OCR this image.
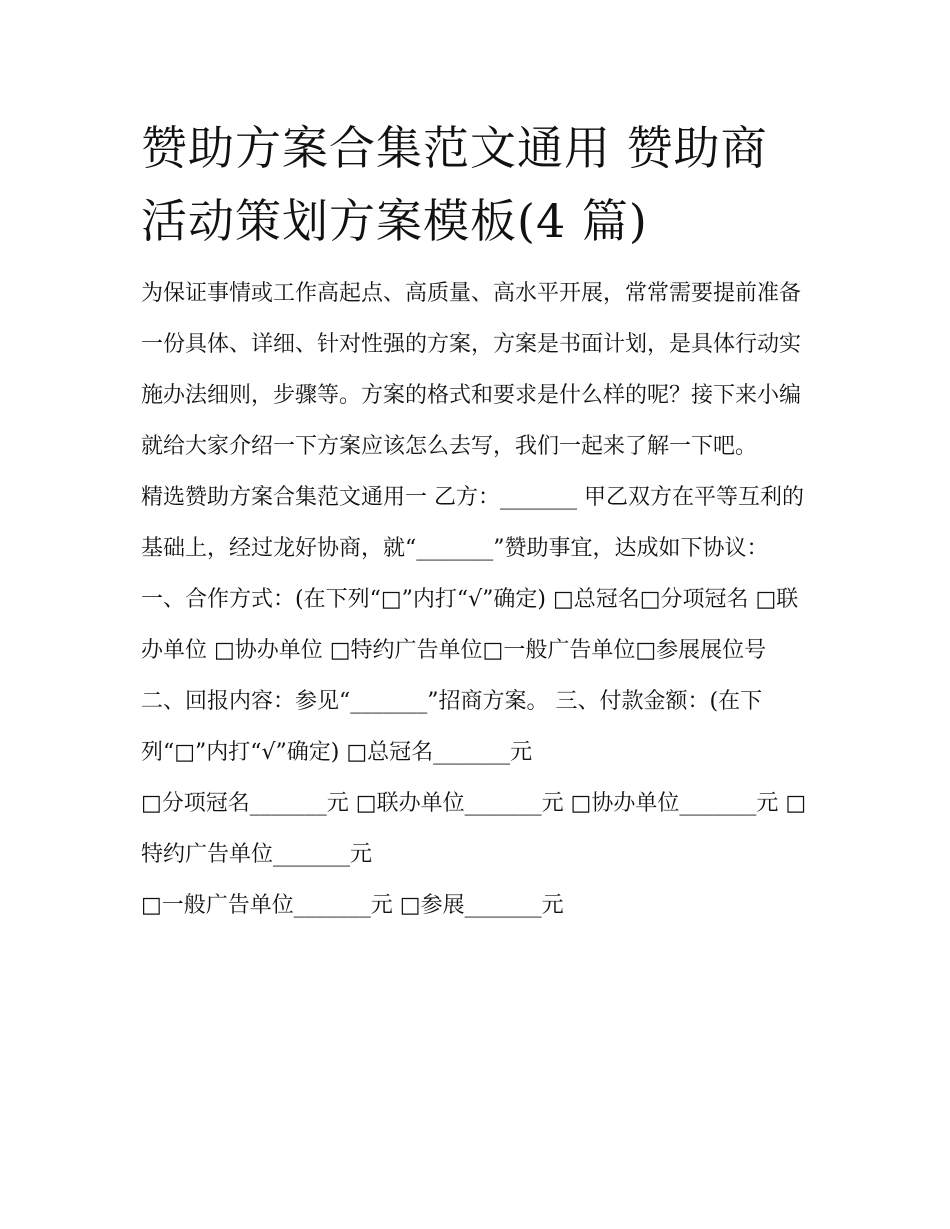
赞助方案合集范文通用 赞助商活动策划方案模板(4 篇)

为保证事情或工作高起点、高质量、高水平开展，常常需要提前准备一份具体、详细、针对性强的方案，方案是书面计划，是具体行动实施办法细则，步骤等。方案的格式和要求是什么样的呢？接下来小编就给大家介绍一下方案应该怎么去写，我们一起来了解一下吧。

精选赞助方案合集范文通用一 乙方：_______ 甲乙双方在平等互利的基础上，经过龙好协商，就“_______”赞助事宜，达成如下协议：

一、合作方式：(在下列“□”内打“√”确定) □总冠名□分项冠名 □联办单位 □协办单位 □特约广告单位□一般广告单位□参展展位号

二、回报内容：参见“_______”招商方案。 三、付款金额：(在下列“□”内打“√”确定) □总冠名_______元

□分项冠名_______元 □联办单位_______元 □协办单位_______元 □特约广告单位_______元

□一般广告单位_______元 □参展_______元
